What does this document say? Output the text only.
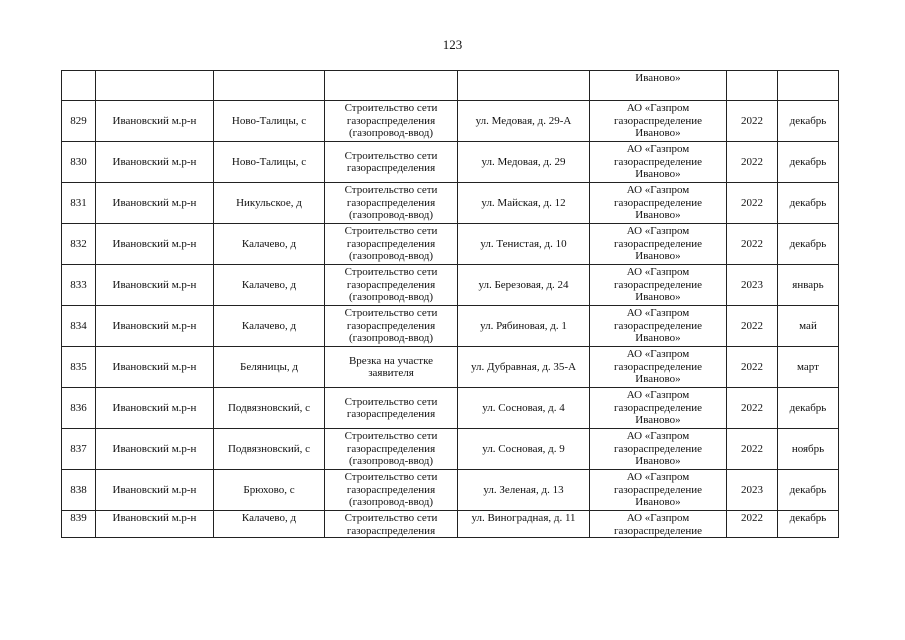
123
					Иваново»		
829	Ивановский м.р-н	Ново-Талицы, с	Строительство сети газораспределения (газопровод-ввод)	ул. Медовая, д. 29-А	АО «Газпром газораспределение Иваново»	2022	декабрь
830	Ивановский м.р-н	Ново-Талицы, с	Строительство сети газораспределения	ул. Медовая, д. 29	АО «Газпром газораспределение Иваново»	2022	декабрь
831	Ивановский м.р-н	Никульское, д	Строительство сети газораспределения (газопровод-ввод)	ул. Майская, д. 12	АО «Газпром газораспределение Иваново»	2022	декабрь
832	Ивановский м.р-н	Калачево, д	Строительство сети газораспределения (газопровод-ввод)	ул. Тенистая, д. 10	АО «Газпром газораспределение Иваново»	2022	декабрь
833	Ивановский м.р-н	Калачево, д	Строительство сети газораспределения (газопровод-ввод)	ул. Березовая, д. 24	АО «Газпром газораспределение Иваново»	2023	январь
834	Ивановский м.р-н	Калачево, д	Строительство сети газораспределения (газопровод-ввод)	ул. Рябиновая, д. 1	АО «Газпром газораспределение Иваново»	2022	май
835	Ивановский м.р-н	Беляницы, д	Врезка на участке заявителя	ул. Дубравная, д. 35-А	АО «Газпром газораспределение Иваново»	2022	март
836	Ивановский м.р-н	Подвязновский, с	Строительство сети газораспределения	ул. Сосновая, д. 4	АО «Газпром газораспределение Иваново»	2022	декабрь
837	Ивановский м.р-н	Подвязновский, с	Строительство сети газораспределения (газопровод-ввод)	ул. Сосновая, д. 9	АО «Газпром газораспределение Иваново»	2022	ноябрь
838	Ивановский м.р-н	Брюхово, с	Строительство сети газораспределения (газопровод-ввод)	ул. Зеленая, д. 13	АО «Газпром газораспределение Иваново»	2023	декабрь
839	Ивановский м.р-н	Калачево, д	Строительство сети газораспределения	ул. Виноградная, д. 11	АО «Газпром газораспределение	2022	декабрь
